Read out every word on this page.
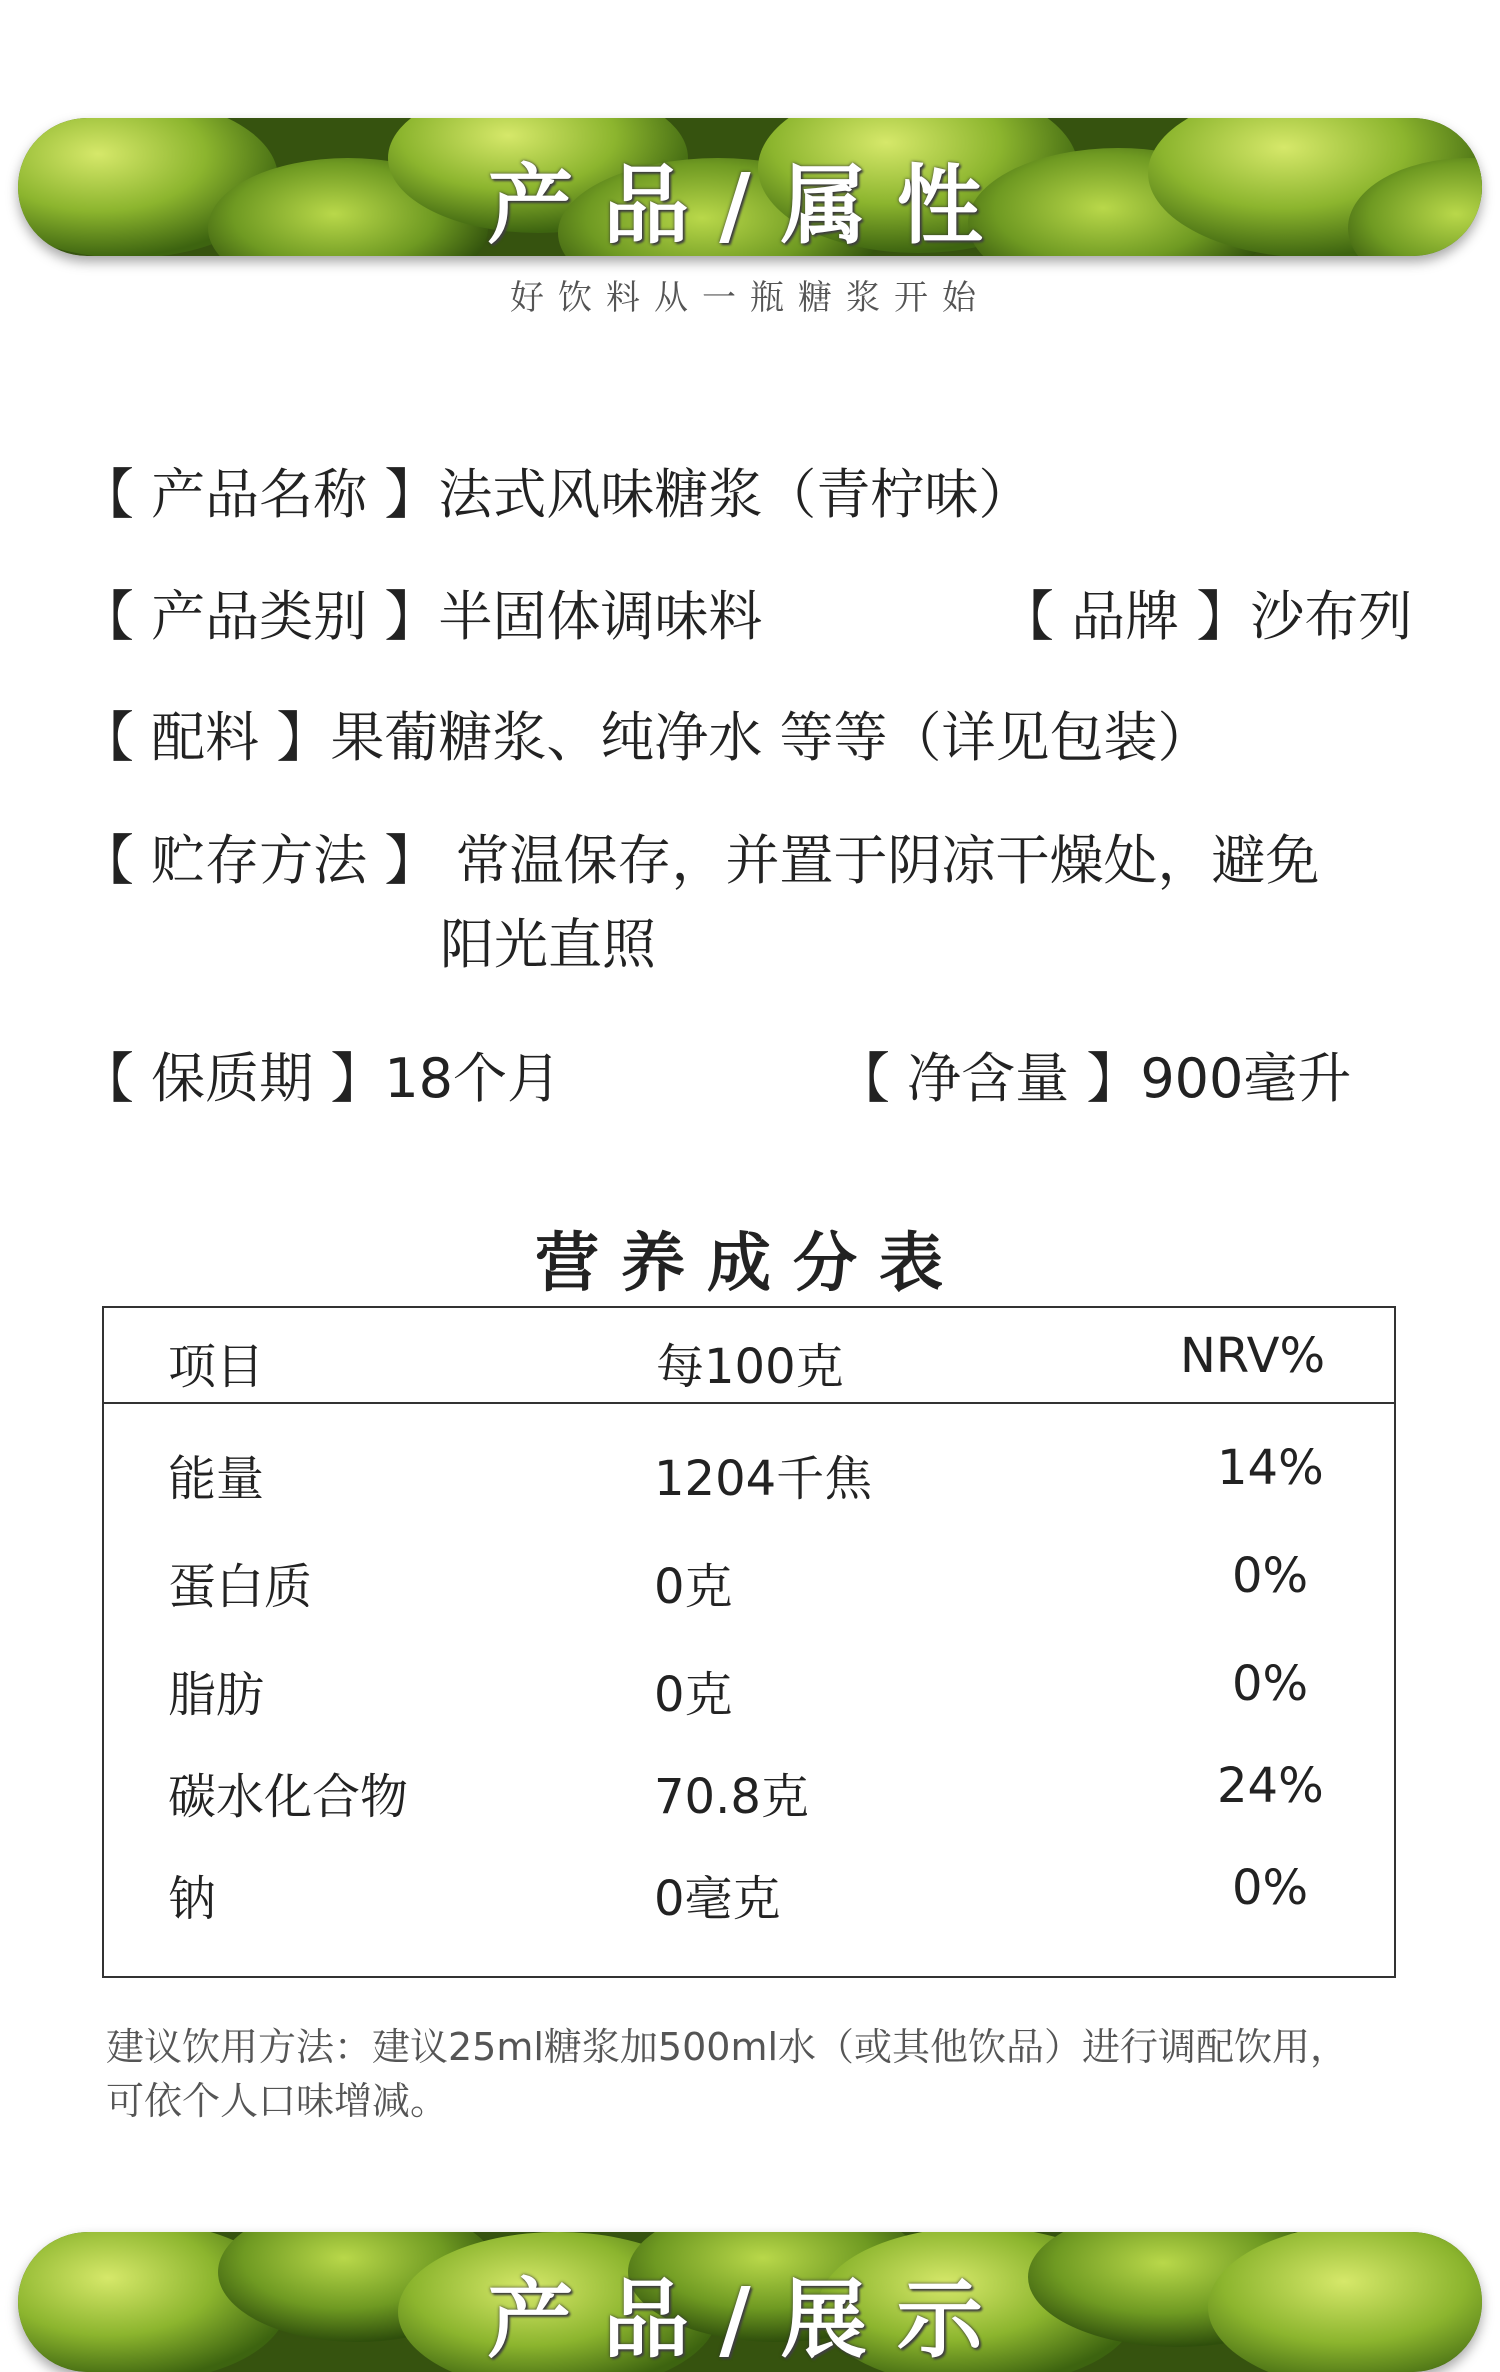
产品/属性
好饮料从一瓶糖浆开始
【 产品名称 】法式风味糖浆（青柠味）
【 产品类别 】半固体调味料	【 品牌 】沙布列
【 配料 】果葡糖浆、纯净水 等等（详见包装）
【 贮存方法 】 常温保存，并置于阴凉干燥处，避免
阳光直照
【 保质期 】18个月	【 净含量 】900毫升
营养成分表
项目	每100克	NRV%
能量	1204千焦	14%
蛋白质	0克	0%
脂肪	0克	0%
碳水化合物	70.8克	24%
钠	0毫克	0%
建议饮用方法：建议25ml糖浆加500ml水（或其他饮品）进行调配饮用，
可依个人口味增减。
产品/展示
